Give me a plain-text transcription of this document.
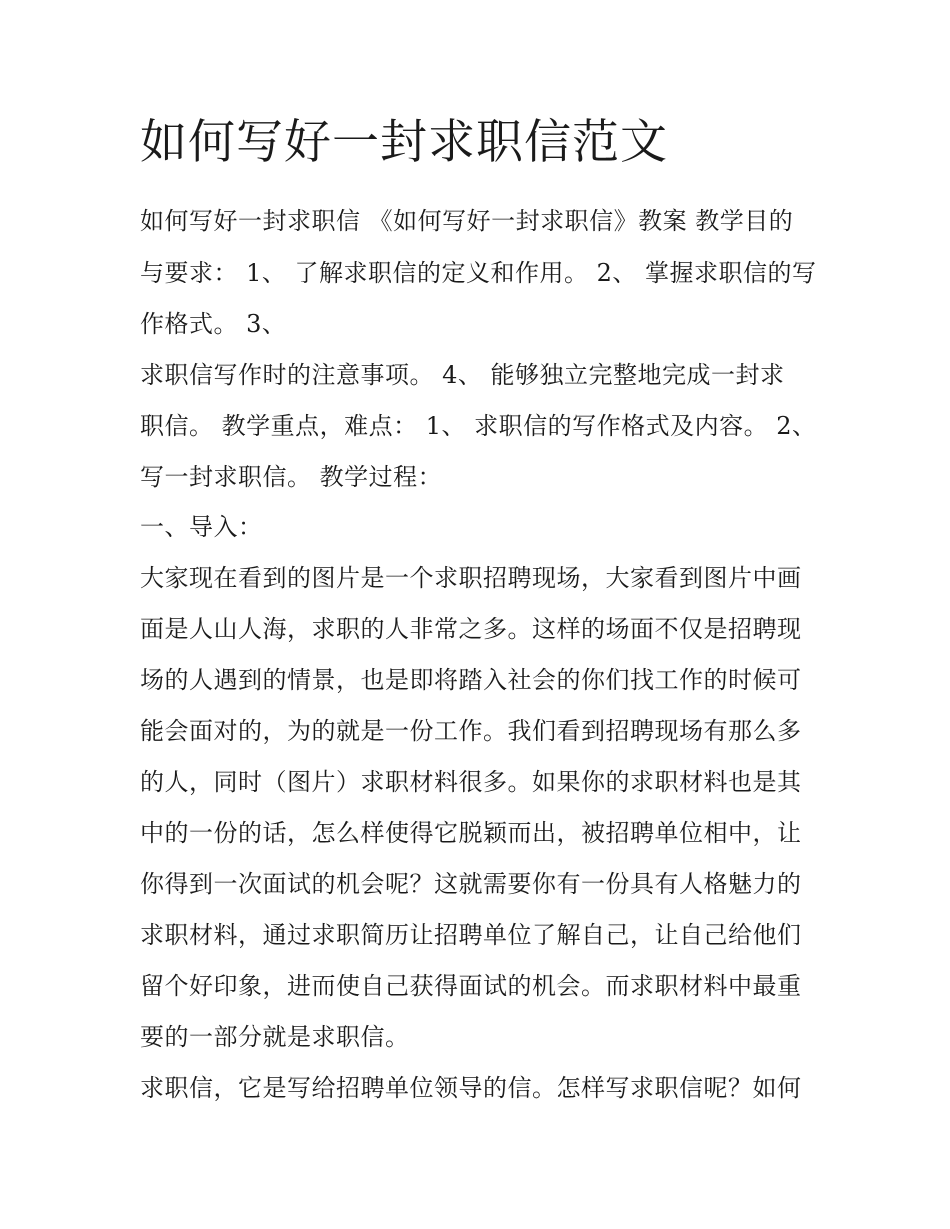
如何写好一封求职信范文
如何写好一封求职信 《如何写好一封求职信》教案 教学目的
与要求： 1、 了解求职信的定义和作用。 2、 掌握求职信的写
作格式。 3、
求职信写作时的注意事项。 4、 能够独立完整地完成一封求
职信。 教学重点，难点： 1、 求职信的写作格式及内容。 2、
写一封求职信。 教学过程：
一、导入：
大家现在看到的图片是一个求职招聘现场，大家看到图片中画
面是人山人海，求职的人非常之多。这样的场面不仅是招聘现
场的人遇到的情景，也是即将踏入社会的你们找工作的时候可
能会面对的，为的就是一份工作。我们看到招聘现场有那么多
的人，同时（图片）求职材料很多。如果你的求职材料也是其
中的一份的话，怎么样使得它脱颖而出，被招聘单位相中，让
你得到一次面试的机会呢？这就需要你有一份具有人格魅力的
求职材料，通过求职简历让招聘单位了解自己，让自己给他们
留个好印象，进而使自己获得面试的机会。而求职材料中最重
要的一部分就是求职信。
求职信，它是写给招聘单位领导的信。怎样写求职信呢？如何
